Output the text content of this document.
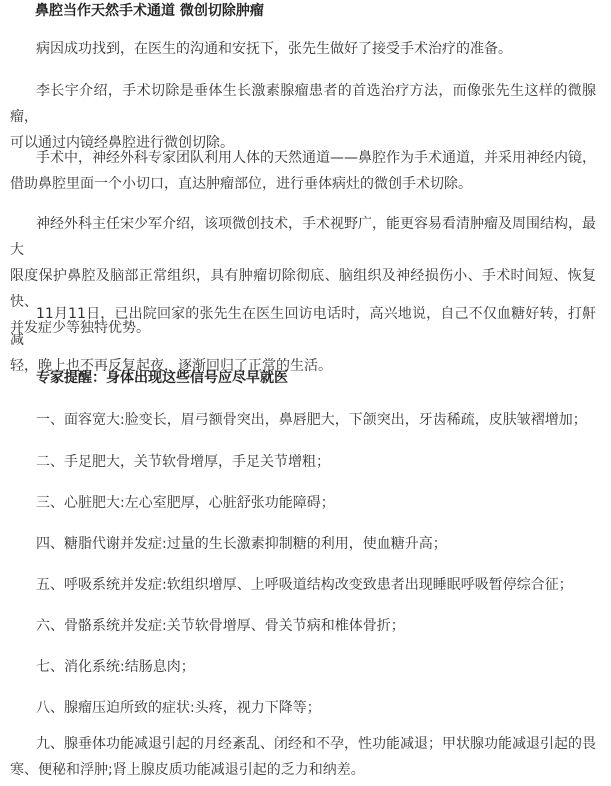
鼻腔当作天然手术通道 微创切除肿瘤

病因成功找到，在医生的沟通和安抚下，张先生做好了接受手术治疗的准备。

李长宇介绍，手术切除是垂体生长激素腺瘤患者的首选治疗方法，而像张先生这样的微腺瘤，
可以通过内镜经鼻腔进行微创切除。

手术中，神经外科专家团队利用人体的天然通道——鼻腔作为手术通道，并采用神经内镜，
借助鼻腔里面一个小切口，直达肿瘤部位，进行垂体病灶的微创手术切除。

神经外科主任宋少军介绍，该项微创技术，手术视野广，能更容易看清肿瘤及周围结构，最大
限度保护鼻腔及脑部正常组织，具有肿瘤切除彻底、脑组织及神经损伤小、手术时间短、恢复快、
并发症少等独特优势。

11月11日，已出院回家的张先生在医生回访电话时，高兴地说，自己不仅血糖好转，打鼾减
轻，晚上也不再反复起夜，逐渐回归了正常的生活。

专家提醒：身体出现这些信号应尽早就医

一、面容宽大:脸变长，眉弓额骨突出，鼻唇肥大，下颌突出，牙齿稀疏，皮肤皱褶增加；

二、手足肥大，关节软骨增厚，手足关节增粗；

三、心脏肥大:左心室肥厚，心脏舒张功能障碍；

四、糖脂代谢并发症:过量的生长激素抑制糖的利用，使血糖升高；

五、呼吸系统并发症:软组织增厚、上呼吸道结构改变致患者出现睡眠呼吸暂停综合征；

六、骨骼系统并发症:关节软骨增厚、骨关节病和椎体骨折；

七、消化系统:结肠息肉；

八、腺瘤压迫所致的症状:头疼，视力下降等；

九、腺垂体功能减退引起的月经紊乱、闭经和不孕，性功能减退；甲状腺功能减退引起的畏
寒、便秘和浮肿;肾上腺皮质功能减退引起的乏力和纳差。
